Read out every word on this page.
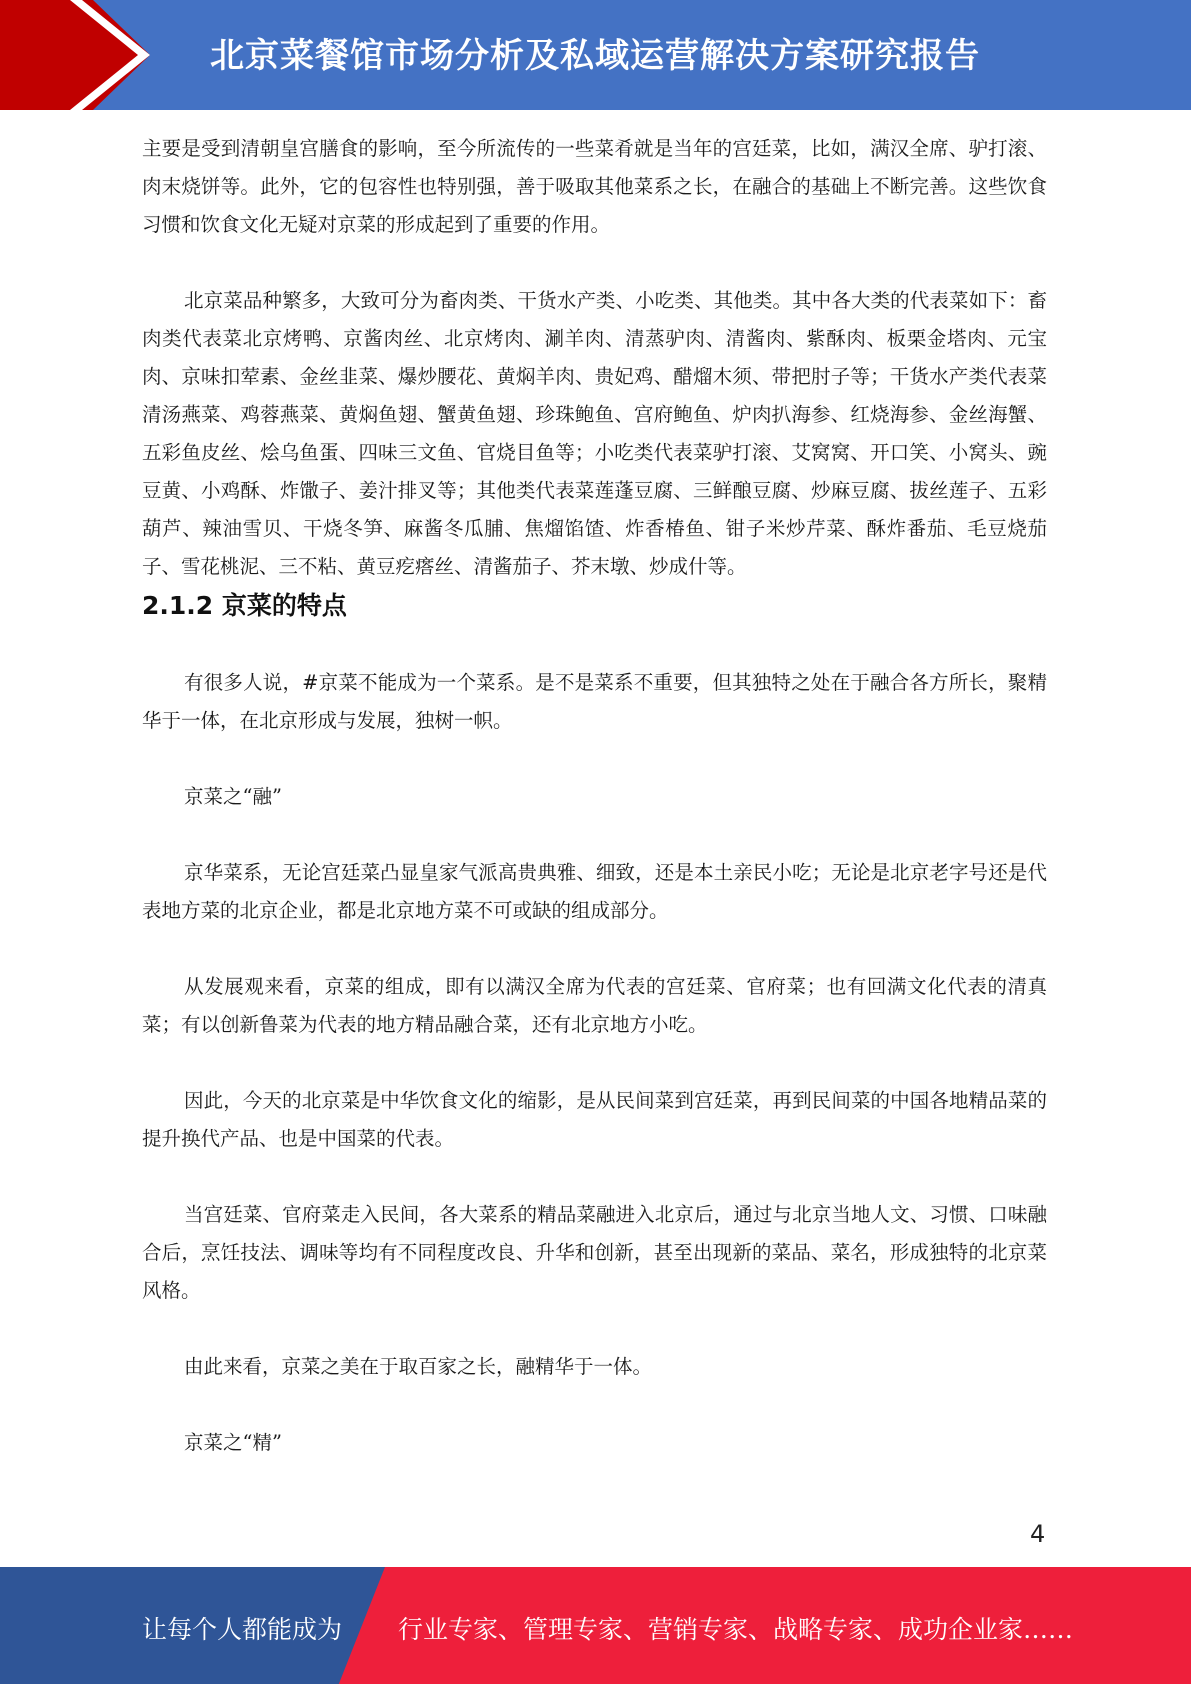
北京菜餐馆市场分析及私域运营解决方案研究报告

主要是受到清朝皇宫膳食的影响，至今所流传的一些菜肴就是当年的宫廷菜，比如，满汉全席、驴打滚、肉末烧饼等。此外，它的包容性也特别强，善于吸取其他菜系之长，在融合的基础上不断完善。这些饮食习惯和饮食文化无疑对京菜的形成起到了重要的作用。

北京菜品种繁多，大致可分为畜肉类、干货水产类、小吃类、其他类。其中各大类的代表菜如下：畜肉类代表菜北京烤鸭、京酱肉丝、北京烤肉、涮羊肉、清蒸驴肉、清酱肉、紫酥肉、板栗金塔肉、元宝肉、京味扣荤素、金丝韭菜、爆炒腰花、黄焖羊肉、贵妃鸡、醋熘木须、带把肘子等；干货水产类代表菜清汤燕菜、鸡蓉燕菜、黄焖鱼翅、蟹黄鱼翅、珍珠鲍鱼、宫府鲍鱼、炉肉扒海参、红烧海参、金丝海蟹、五彩鱼皮丝、烩乌鱼蛋、四味三文鱼、官烧目鱼等；小吃类代表菜驴打滚、艾窝窝、开口笑、小窝头、豌豆黄、小鸡酥、炸馓子、姜汁排叉等；其他类代表菜莲蓬豆腐、三鲜酿豆腐、炒麻豆腐、拔丝莲子、五彩葫芦、辣油雪贝、干烧冬笋、麻酱冬瓜脯、焦熘馅馇、炸香椿鱼、钳子米炒芹菜、酥炸番茄、毛豆烧茄子、雪花桃泥、三不粘、黄豆疙瘩丝、清酱茄子、芥末墩、炒成什等。

2.1.2 京菜的特点

有很多人说，#京菜不能成为一个菜系。是不是菜系不重要，但其独特之处在于融合各方所长，聚精华于一体，在北京形成与发展，独树一帜。

京菜之“融”

京华菜系，无论宫廷菜凸显皇家气派高贵典雅、细致，还是本土亲民小吃；无论是北京老字号还是代表地方菜的北京企业，都是北京地方菜不可或缺的组成部分。

从发展观来看，京菜的组成，即有以满汉全席为代表的宫廷菜、官府菜；也有回满文化代表的清真菜；有以创新鲁菜为代表的地方精品融合菜，还有北京地方小吃。

因此，今天的北京菜是中华饮食文化的缩影，是从民间菜到宫廷菜，再到民间菜的中国各地精品菜的提升换代产品、也是中国菜的代表。

当宫廷菜、官府菜走入民间，各大菜系的精品菜融进入北京后，通过与北京当地人文、习惯、口味融合后，烹饪技法、调味等均有不同程度改良、升华和创新，甚至出现新的菜品、菜名，形成独特的北京菜风格。

由此来看，京菜之美在于取百家之长，融精华于一体。

京菜之“精”

4
让每个人都能成为 行业专家、管理专家、营销专家、战略专家、成功企业家……
